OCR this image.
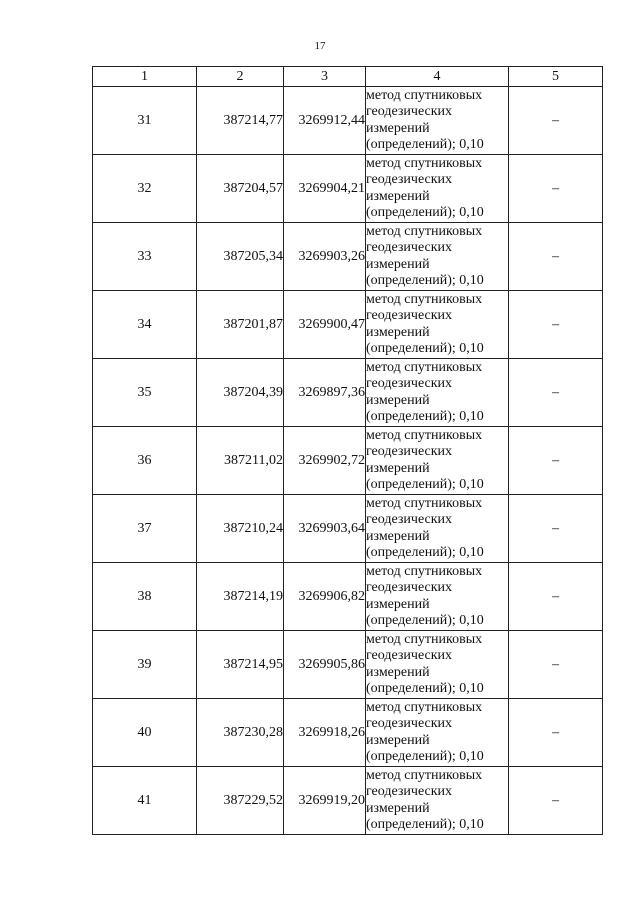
17
1	2	3	4	5
31	387214,77	3269912,44	метод спутниковых
геодезических
измерений
(определений); 0,10	–
32	387204,57	3269904,21	метод спутниковых
геодезических
измерений
(определений); 0,10	–
33	387205,34	3269903,26	метод спутниковых
геодезических
измерений
(определений); 0,10	–
34	387201,87	3269900,47	метод спутниковых
геодезических
измерений
(определений); 0,10	–
35	387204,39	3269897,36	метод спутниковых
геодезических
измерений
(определений); 0,10	–
36	387211,02	3269902,72	метод спутниковых
геодезических
измерений
(определений); 0,10	–
37	387210,24	3269903,64	метод спутниковых
геодезических
измерений
(определений); 0,10	–
38	387214,19	3269906,82	метод спутниковых
геодезических
измерений
(определений); 0,10	–
39	387214,95	3269905,86	метод спутниковых
геодезических
измерений
(определений); 0,10	–
40	387230,28	3269918,26	метод спутниковых
геодезических
измерений
(определений); 0,10	–
41	387229,52	3269919,20	метод спутниковых
геодезических
измерений
(определений); 0,10	–
